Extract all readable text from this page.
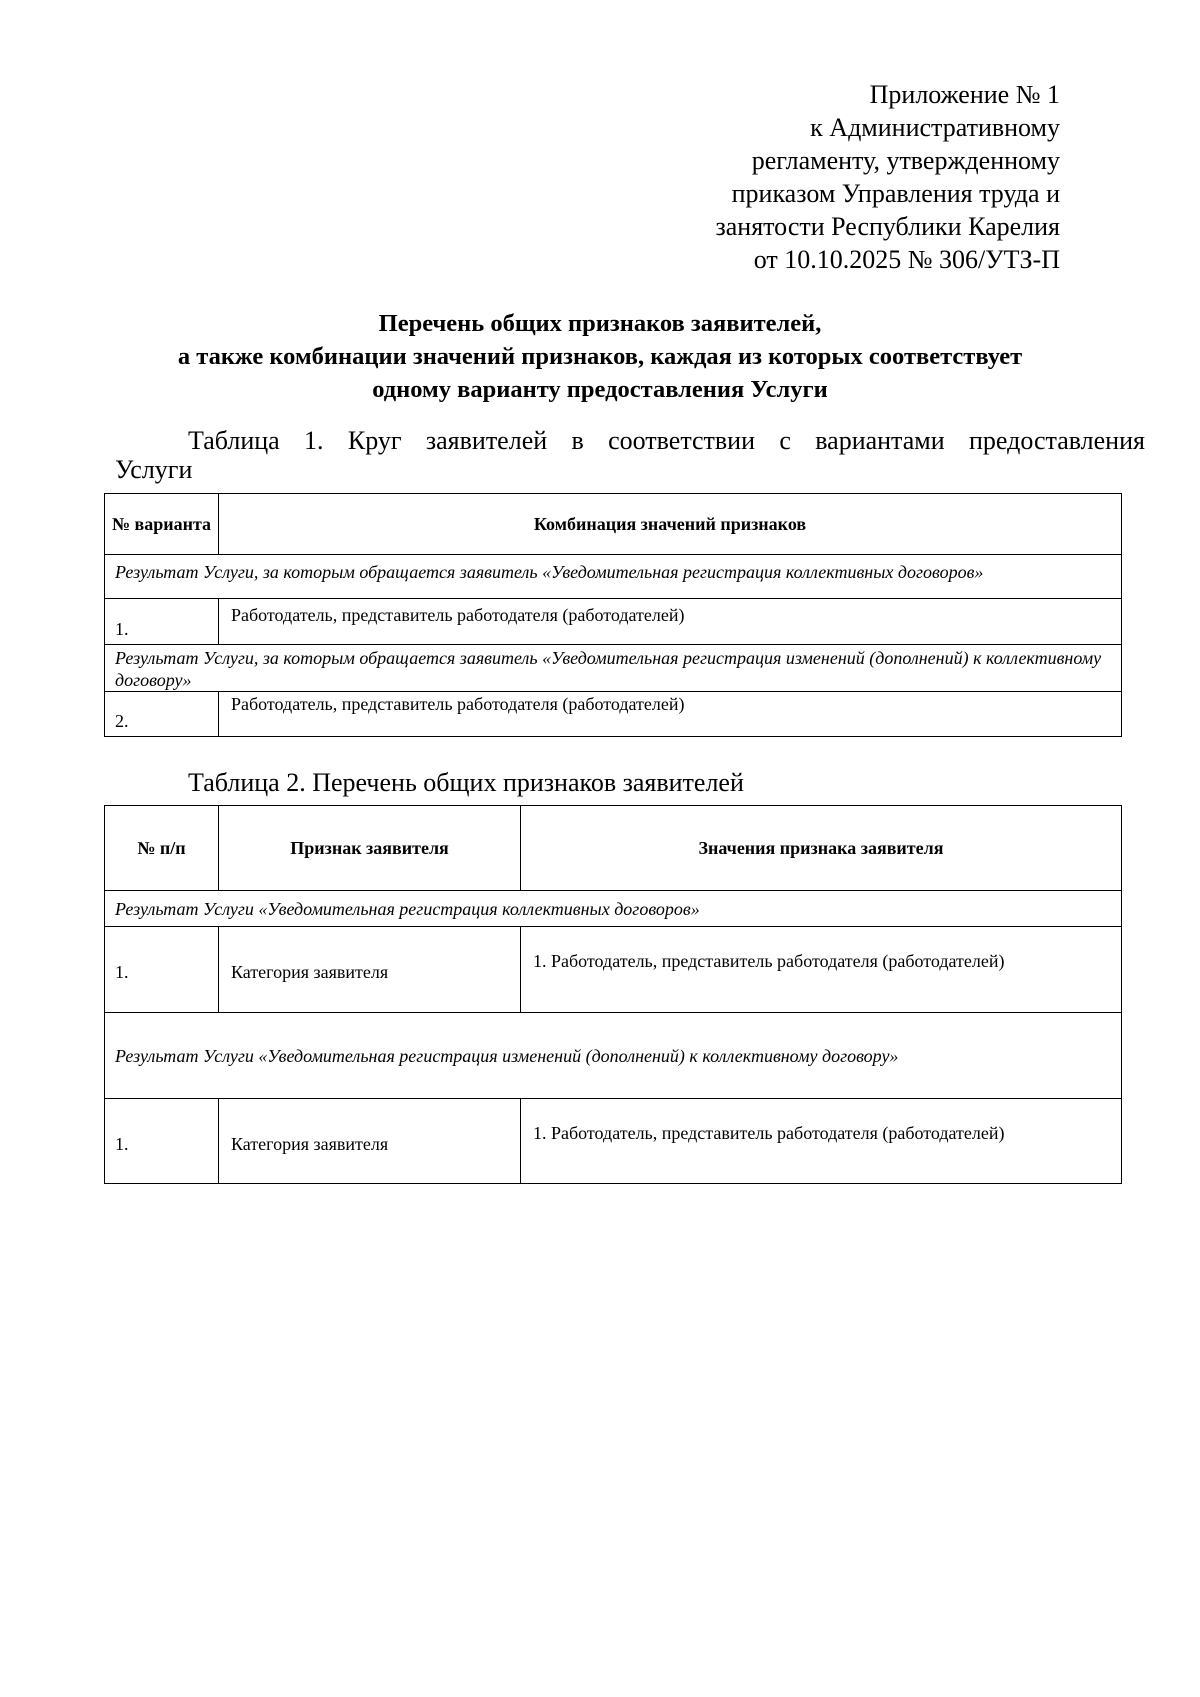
Приложение № 1
к Административному
регламенту, утвержденному
приказом Управления труда и
занятости Республики Карелия
от 10.10.2025 № 306/УТЗ-П
Перечень общих признаков заявителей,
а также комбинации значений признаков, каждая из которых соответствует
одному варианту предоставления Услуги
Таблица 1. Круг заявителей в соответствии с вариантами предоставления
Услуги
№ варианта	Комбинация значений признаков
Результат Услуги, за которым обращается заявитель «Уведомительная регистрация коллективных договоров»	
1.	Работодатель, представитель работодателя (работодателей)
Результат Услуги, за которым обращается заявитель «Уведомительная регистрация изменений (дополнений) к коллективному договору»	
2.	Работодатель, представитель работодателя (работодателей)
Таблица 2. Перечень общих признаков заявителей
№ п/п	Признак заявителя	Значения признака заявителя
Результат Услуги «Уведомительная регистрация коллективных договоров»		
1.	Категория заявителя	1. Работодатель, представитель работодателя (работодателей)
Результат Услуги «Уведомительная регистрация изменений (дополнений) к коллективному договору»		
1.	Категория заявителя	1. Работодатель, представитель работодателя (работодателей)
